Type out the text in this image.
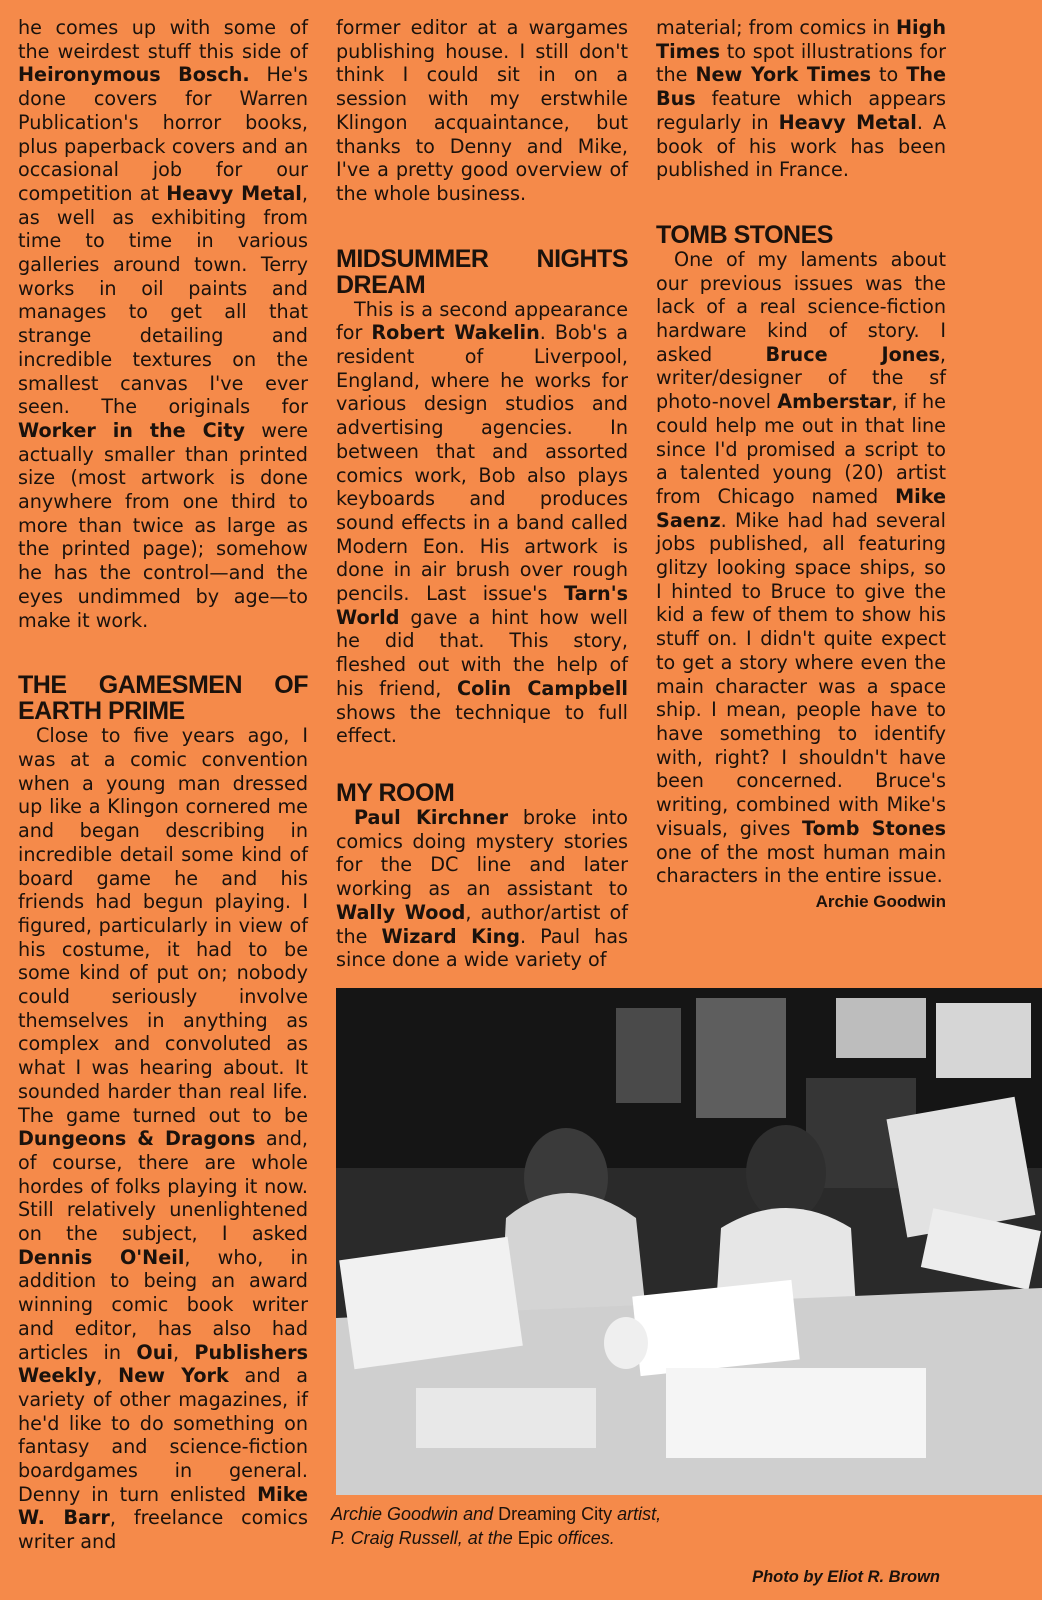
he comes up with some of the weirdest stuff this side of Heironymous Bosch. He's done covers for Warren Publication's horror books, plus paperback covers and an occasional job for our competition at Heavy Metal, as well as exhibiting from time to time in various galleries around town. Terry works in oil paints and manages to get all that strange detailing and incredible textures on the smallest canvas I've ever seen. The originals for Worker in the City were actually smaller than printed size (most artwork is done anywhere from one third to more than twice as large as the printed page); somehow he has the control—and the eyes undimmed by age—to make it work.

THE GAMESMEN OF EARTH PRIME

Close to five years ago, I was at a comic convention when a young man dressed up like a Klingon cornered me and began describing in incredible detail some kind of board game he and his friends had begun playing. I figured, particularly in view of his costume, it had to be some kind of put on; nobody could seriously involve themselves in anything as complex and convoluted as what I was hearing about. It sounded harder than real life. The game turned out to be Dungeons & Dragons and, of course, there are whole hordes of folks playing it now. Still relatively unenlightened on the subject, I asked Dennis O'Neil, who, in addition to being an award winning comic book writer and editor, has also had articles in Oui, Publishers Weekly, New York and a variety of other magazines, if he'd like to do something on fantasy and science-fiction boardgames in general. Denny in turn enlisted Mike W. Barr, freelance comics writer and

former editor at a wargames publishing house. I still don't think I could sit in on a session with my erstwhile Klingon acquaintance, but thanks to Denny and Mike, I've a pretty good overview of the whole business.

MIDSUMMER NIGHTS DREAM

This is a second appearance for Robert Wakelin. Bob's a resident of Liverpool, England, where he works for various design studios and advertising agencies. In between that and assorted comics work, Bob also plays keyboards and produces sound effects in a band called Modern Eon. His artwork is done in air brush over rough pencils. Last issue's Tarn's World gave a hint how well he did that. This story, fleshed out with the help of his friend, Colin Campbell shows the technique to full effect.

MY ROOM

Paul Kirchner broke into comics doing mystery stories for the DC line and later working as an assistant to Wally Wood, author/artist of the Wizard King. Paul has since done a wide variety of

material; from comics in High Times to spot illustrations for the New York Times to The Bus feature which appears regularly in Heavy Metal. A book of his work has been published in France.

TOMB STONES

One of my laments about our previous issues was the lack of a real science-fiction hardware kind of story. I asked Bruce Jones, writer/designer of the sf photo-novel Amberstar, if he could help me out in that line since I'd promised a script to a talented young (20) artist from Chicago named Mike Saenz. Mike had had several jobs published, all featuring glitzy looking space ships, so I hinted to Bruce to give the kid a few of them to show his stuff on. I didn't quite expect to get a story where even the main character was a space ship. I mean, people have to have something to identify with, right? I shouldn't have been concerned. Bruce's writing, combined with Mike's visuals, gives Tomb Stones one of the most human main characters in the entire issue.

Archie Goodwin
Archie Goodwin and Dreaming City artist,
P. Craig Russell, at the Epic offices.
Photo by Eliot R. Brown
